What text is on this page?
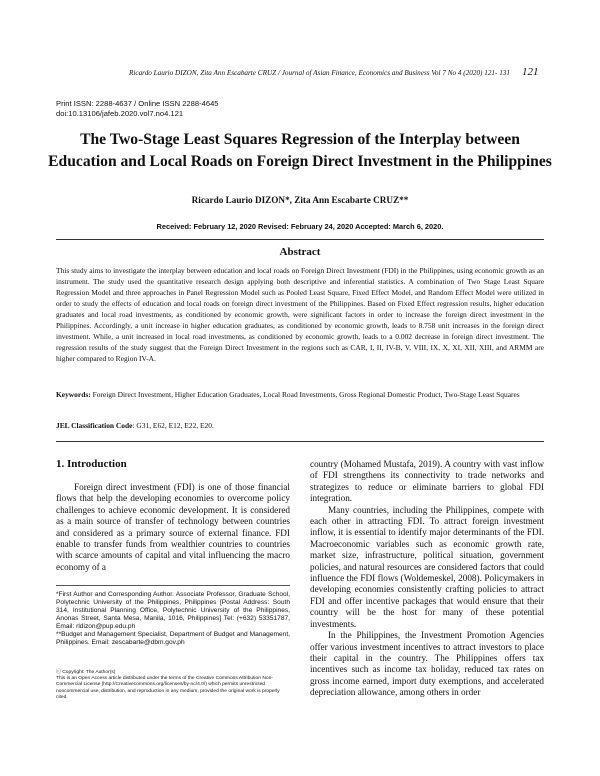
Ricardo Laurio DIZON, Zita Ann Escabarte CRUZ / Journal of Asian Finance, Economics and Business Vol 7 No 4 (2020) 121- 131 121
Print ISSN: 2288-4637 / Online ISSN 2288-4645
doi:10.13106/jafeb.2020.vol7.no4.121
The Two-Stage Least Squares Regression of the Interplay between
Education and Local Roads on Foreign Direct Investment in the Philippines
Ricardo Laurio DIZON*, Zita Ann Escabarte CRUZ**
Received: February 12, 2020 Revised: February 24, 2020 Accepted: March 6, 2020.
Abstract
This study aims to investigate the interplay between education and local roads on Foreign Direct Investment (FDI) in the Philippines, using economic growth as an instrument. The study used the quantitative research design applying both descriptive and inferential statistics. A combination of Two Stage Least Square Regression Model and three approaches in Panel Regression Model such as Pooled Least Square, Fixed Effect Model, and Random Effect Model were utilized in order to study the effects of education and local roads on foreign direct investment of the Philippines. Based on Fixed Effect regression results, higher education graduates and local road investments, as conditioned by economic growth, were significant factors in order to increase the foreign direct investment in the Philippines. Accordingly, a unit increase in higher education graduates, as conditioned by economic growth, leads to 8.758 unit increases in the foreign direct investment. While, a unit increased in local road investments, as conditioned by economic growth, leads to a 0.002 decrease in foreign direct investment. The regression results of the study suggest that the Foreign Direct Investment in the regions such as CAR, I, II, IV-B, V, VIII, IX, X, XI, XII, XIII, and ARMM are higher compared to Region IV-A.
Keywords: Foreign Direct Investment, Higher Education Graduates, Local Road Investments, Gross Regional Domestic Product, Two-Stage Least Squares
JEL Classification Code: G31, E62, E12, E22, E20.
1. Introduction
Foreign direct investment (FDI) is one of those financial flows that help the developing economies to overcome policy challenges to achieve economic development. It is considered as a main source of transfer of technology between countries and considered as a primary source of external finance. FDI enable to transfer funds from wealthier countries to countries with scarce amounts of capital and vital influencing the macro economy of a

*First Author and Corresponding Author. Associate Professor, Graduate School, Polytechnic University of the Philippines, Philippines [Postal Address: South 314, Institutional Planning Office, Polytechnic University of the Philippines, Anonas Street, Santa Mesa, Manila, 1016, Philippines] Tel: (+632) 53351787, Email: rldizon@pup.edu.ph

**Budget and Management Specialist, Department of Budget and Management, Philippines. Email: zescabarte@dbm.gov.ph

ⓒ Copyright: The Author(s)

This is an Open Access article distributed under the terms of the Creative Commons Attribution Non-Commercial License (http://Creativecommons.org/licenses/by-nc/4.0/) which permits unrestricted noncommercial use, distribution, and reproduction in any medium, provided the original work is properly cited.

country (Mohamed Mustafa, 2019). A country with vast inflow of FDI strengthens its connectivity to trade networks and strategizes to reduce or eliminate barriers to global FDI integration.

Many countries, including the Philippines, compete with each other in attracting FDI. To attract foreign investment inflow, it is essential to identify major determinants of the FDI. Macroeconomic variables such as economic growth rate, market size, infrastructure, political situation, government policies, and natural resources are considered factors that could influence the FDI flows (Woldemeskel, 2008). Policymakers in developing economies consistently crafting policies to attract FDI and offer incentive packages that would ensure that their country will be the host for many of these potential investments.

In the Philippines, the Investment Promotion Agencies offer various investment incentives to attract investors to place their capital in the country. The Philippines offers tax incentives such as income tax holiday, reduced tax rates on gross income earned, import duty exemptions, and accelerated depreciation allowance, among others in order
